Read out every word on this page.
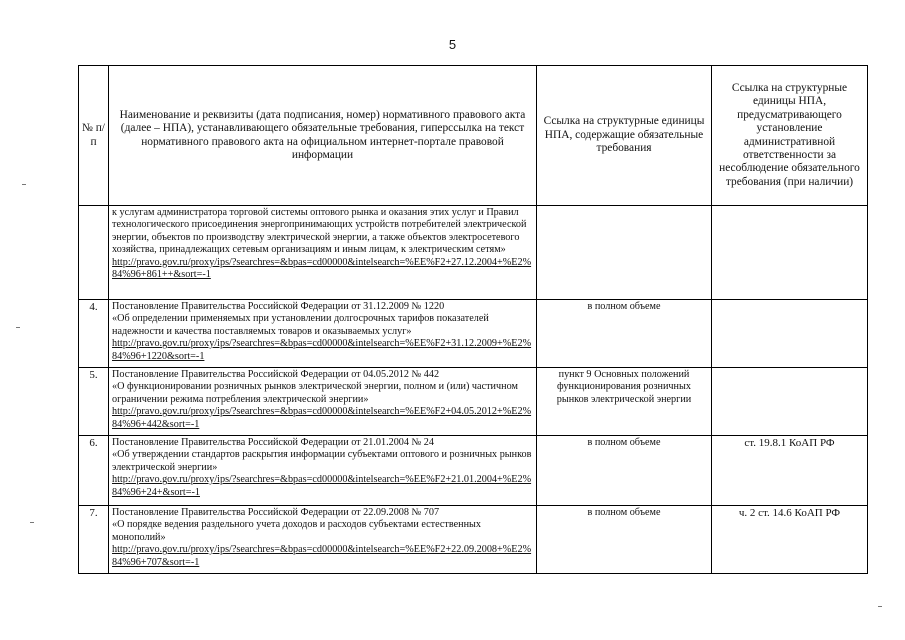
5
№ п/п	Наименование и реквизиты (дата подписания, номер) нормативного правового акта (далее – НПА), устанавливающего обязательные требования, гиперссылка на текст нормативного правового акта на официальном интернет-портале правовой информации	Ссылка на структурные единицы НПА, содержащие обязательные требования	Ссылка на структурные единицы НПА, предусматривающего установление административной ответственности за несоблюдение обязательного требования (при наличии)

	к услугам администратора торговой системы оптового рынка и оказания этих услуг и Правил технологического присоединения энергопринимающих устройств потребителей электрической энергии, объектов по производству электрической энергии, а также объектов электросетевого хозяйства, принадлежащих сетевым организациям и иным лицам, к электрическим сетям»
http://pravo.gov.ru/proxy/ips/?searchres=&bpas=cd00000&intelsearch=%EE%F2+27.12.2004+%E2%84%96+861++&sort=-1		

4.	Постановление Правительства Российской Федерации от 31.12.2009 № 1220
«Об определении применяемых при установлении долгосрочных тарифов показателей надежности и качества поставляемых товаров и оказываемых услуг»
http://pravo.gov.ru/proxy/ips/?searchres=&bpas=cd00000&intelsearch=%EE%F2+31.12.2009+%E2%84%96+1220&sort=-1	в полном объеме	
5.	Постановление Правительства Российской Федерации от 04.05.2012 № 442
«О функционировании розничных рынков электрической энергии, полном и (или) частичном ограничении режима потребления электрической энергии»
http://pravo.gov.ru/proxy/ips/?searchres=&bpas=cd00000&intelsearch=%EE%F2+04.05.2012+%E2%84%96+442&sort=-1	пункт 9 Основных положений функционирования розничных рынков электрической энергии	
6.	Постановление Правительства Российской Федерации от 21.01.2004 № 24
«Об утверждении стандартов раскрытия информации субъектами оптового и розничных рынков электрической энергии»
http://pravo.gov.ru/proxy/ips/?searchres=&bpas=cd00000&intelsearch=%EE%F2+21.01.2004+%E2%84%96+24+&sort=-1	в полном объеме	ст. 19.8.1 КоАП РФ
7.	Постановление Правительства Российской Федерации от 22.09.2008 № 707
«О порядке ведения раздельного учета доходов и расходов субъектами естественных монополий»
http://pravo.gov.ru/proxy/ips/?searchres=&bpas=cd00000&intelsearch=%EE%F2+22.09.2008+%E2%84%96+707&sort=-1	в полном объеме	ч. 2 ст. 14.6 КоАП РФ
